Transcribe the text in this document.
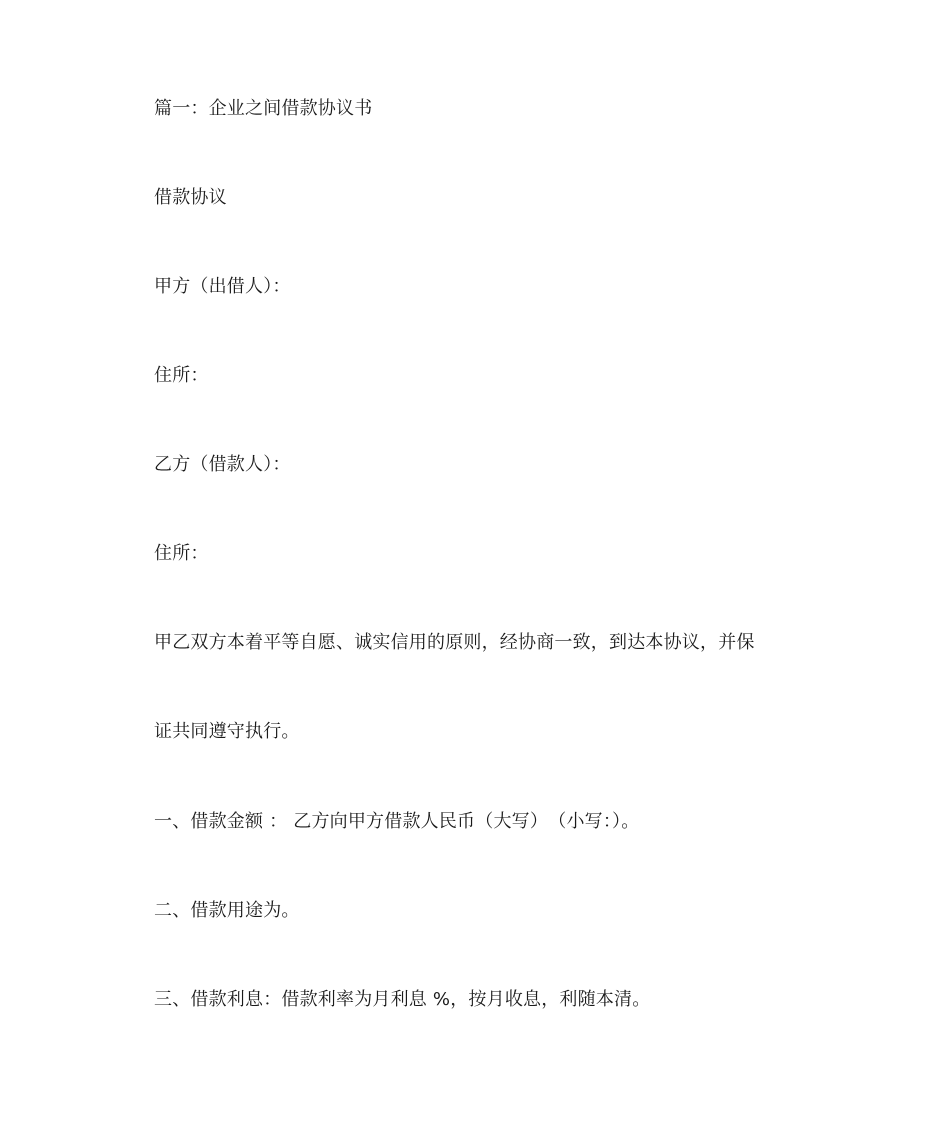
篇一：企业之间借款协议书
借款协议
甲方（出借人）：
住所：
乙方（借款人）：
住所：
甲乙双方本着平等自愿、诚实信用的原则，经协商一致，到达本协议，并保
证共同遵守执行。
一、借款金额 ： 乙方向甲方借款人民币（大写）　（小写：）。
二、借款用途为。
三、借款利息：借款利率为月利息 %，按月收息，利随本清。
